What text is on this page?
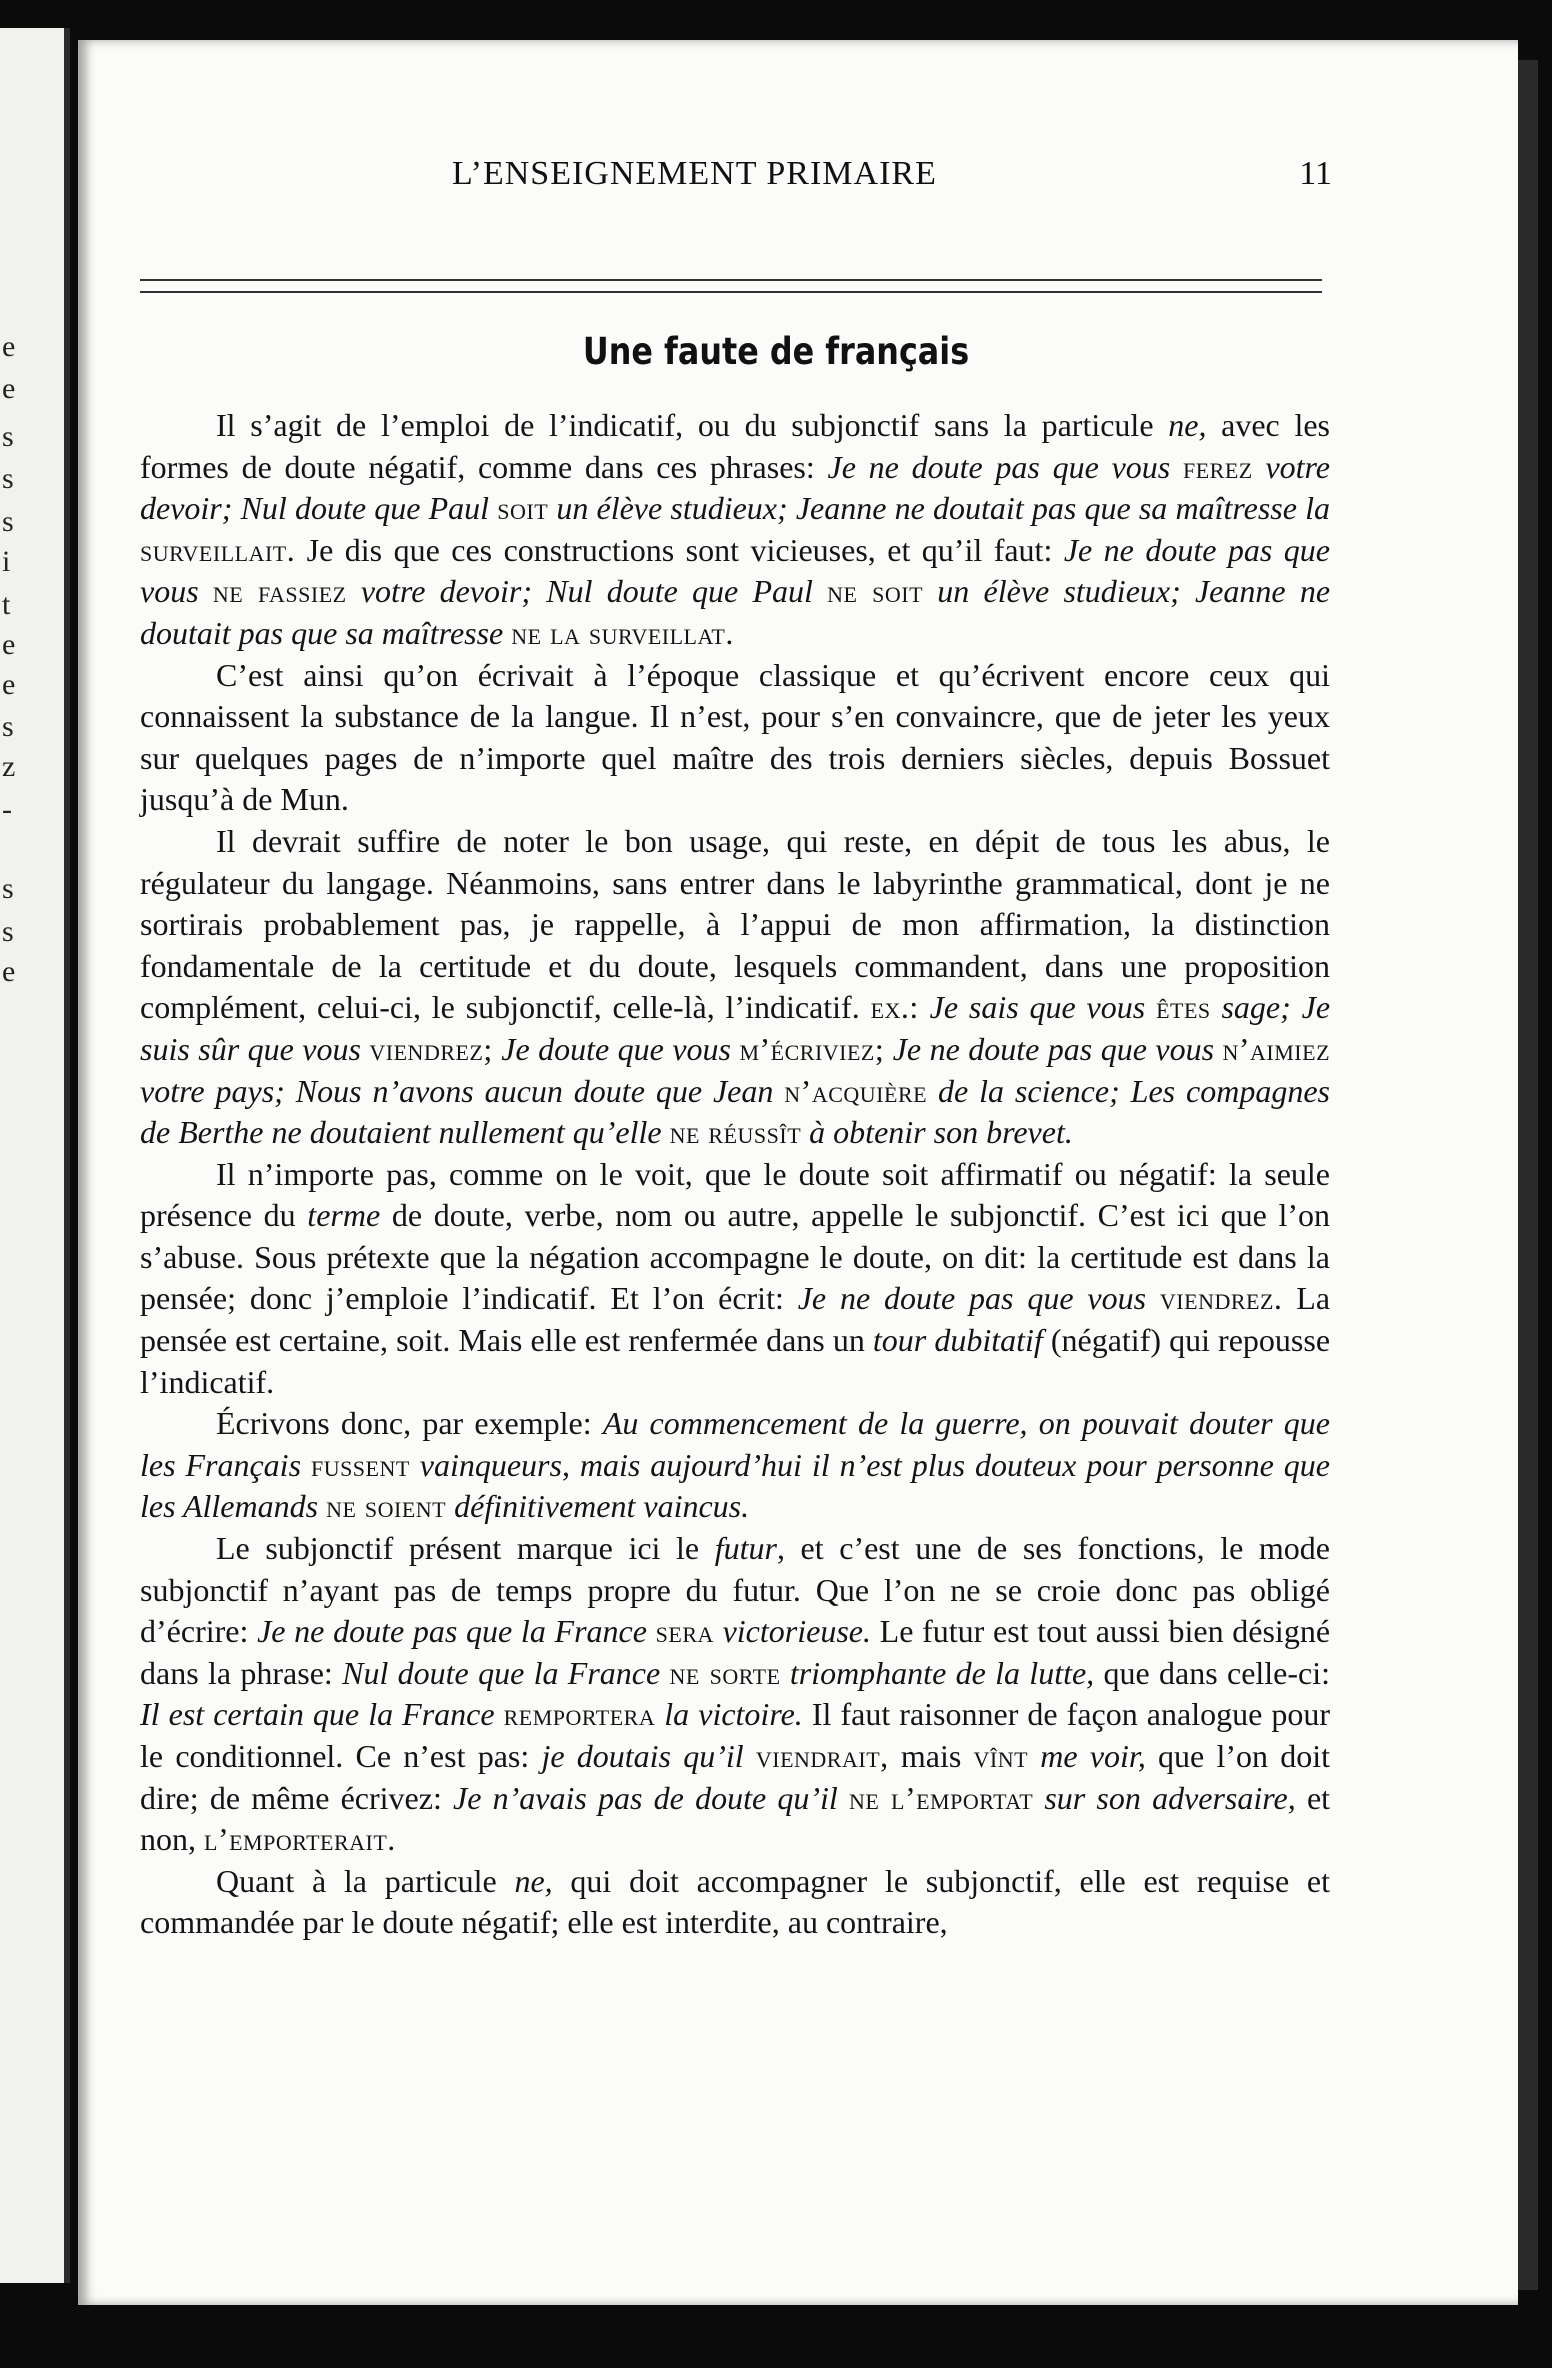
e
e
s
s
s
i
t
e
e
s
z
-
s
s
e
L’ENSEIGNEMENT PRIMAIRE	11
Une faute de français

Il s’agit de l’emploi de l’indicatif, ou du subjonctif sans la particule ne, avec les formes de doute négatif, comme dans ces phrases: Je ne doute pas que vous ferez votre devoir; Nul doute que Paul soit un élève studieux; Jeanne ne doutait pas que sa maîtresse la surveillait. Je dis que ces constructions sont vicieuses, et qu’il faut: Je ne doute pas que vous ne fassiez votre devoir; Nul doute que Paul ne soit un élève studieux; Jeanne ne doutait pas que sa maîtresse ne la surveillat.

C’est ainsi qu’on écrivait à l’époque classique et qu’écrivent encore ceux qui connaissent la substance de la langue. Il n’est, pour s’en convaincre, que de jeter les yeux sur quelques pages de n’importe quel maître des trois derniers siècles, depuis Bossuet jusqu’à de Mun.

Il devrait suffire de noter le bon usage, qui reste, en dépit de tous les abus, le régulateur du langage. Néanmoins, sans entrer dans le labyrinthe grammatical, dont je ne sortirais probablement pas, je rappelle, à l’appui de mon affirmation, la distinction fondamentale de la certitude et du doute, lesquels commandent, dans une proposition complément, celui-ci, le subjonctif, celle-là, l’indicatif. ex.: Je sais que vous êtes sage; Je suis sûr que vous viendrez; Je doute que vous m’écriviez; Je ne doute pas que vous n’aimiez votre pays; Nous n’avons aucun doute que Jean n’acquière de la science; Les compagnes de Berthe ne doutaient nullement qu’elle ne réussît à obtenir son brevet.

Il n’importe pas, comme on le voit, que le doute soit affirmatif ou négatif: la seule présence du terme de doute, verbe, nom ou autre, appelle le subjonctif. C’est ici que l’on s’abuse. Sous prétexte que la négation accompagne le doute, on dit: la certitude est dans la pensée; donc j’emploie l’indicatif. Et l’on écrit: Je ne doute pas que vous viendrez. La pensée est certaine, soit. Mais elle est renfermée dans un tour dubitatif (négatif) qui repousse l’indicatif.

Écrivons donc, par exemple: Au commencement de la guerre, on pouvait douter que les Français fussent vainqueurs, mais aujourd’hui il n’est plus douteux pour personne que les Allemands ne soient définitivement vaincus.

Le subjonctif présent marque ici le futur, et c’est une de ses fonctions, le mode subjonctif n’ayant pas de temps propre du futur. Que l’on ne se croie donc pas obligé d’écrire: Je ne doute pas que la France sera victorieuse. Le futur est tout aussi bien désigné dans la phrase: Nul doute que la France ne sorte triomphante de la lutte, que dans celle-ci: Il est certain que la France remportera la victoire. Il faut raisonner de façon analogue pour le conditionnel. Ce n’est pas: je doutais qu’il viendrait, mais vînt me voir, que l’on doit dire; de même écrivez: Je n’avais pas de doute qu’il ne l’emportat sur son adversaire, et non, l’emporterait.

Quant à la particule ne, qui doit accompagner le subjonctif, elle est requise et commandée par le doute négatif; elle est interdite, au contraire,
